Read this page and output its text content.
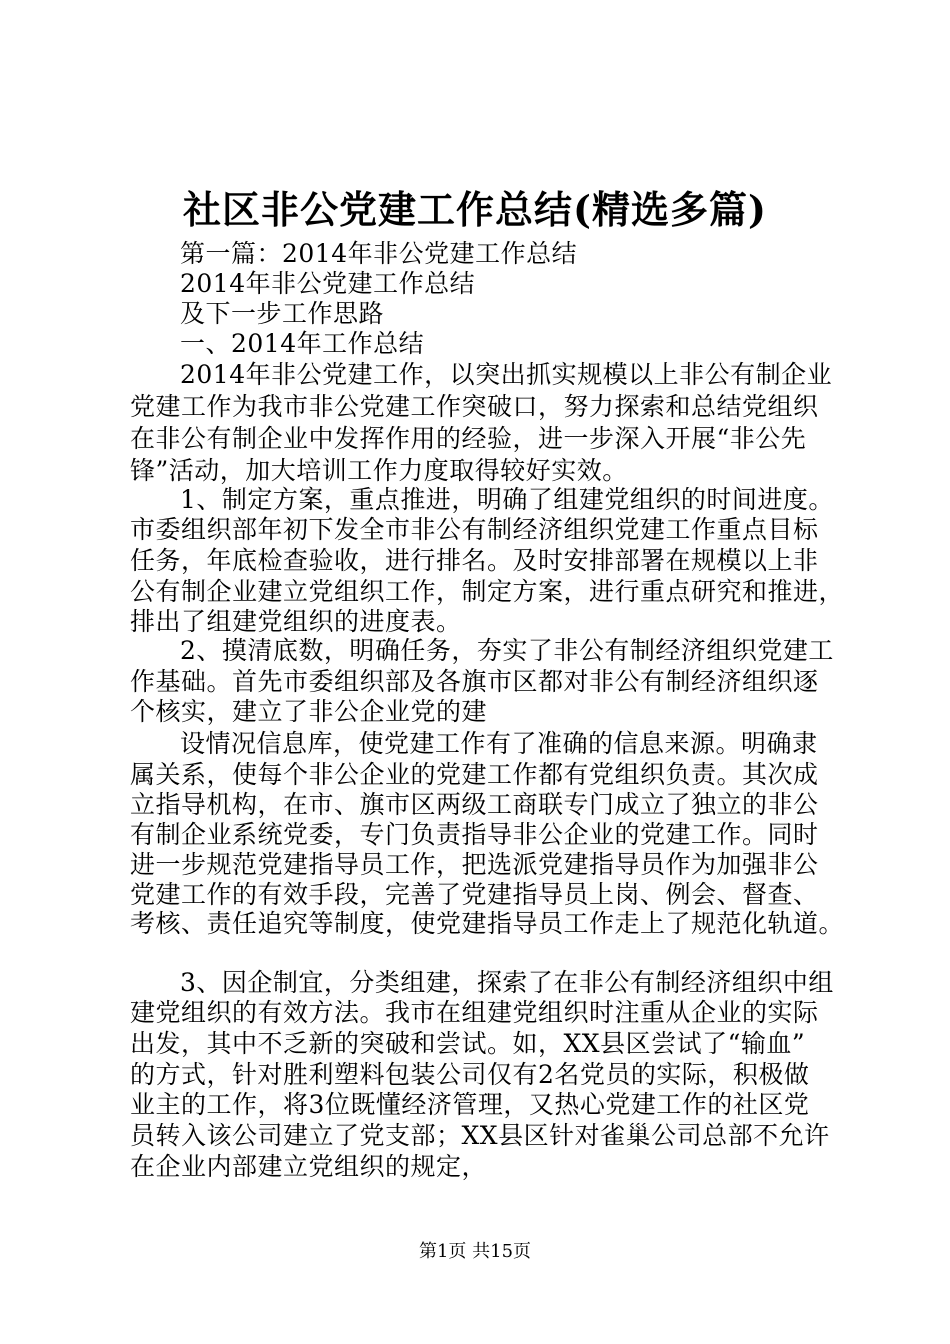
社区非公党建工作总结(精选多篇)
第一篇：2014年非公党建工作总结
2014年非公党建工作总结
及下一步工作思路
一、2014年工作总结
2014年非公党建工作，以突出抓实规模以上非公有制企业
党建工作为我市非公党建工作突破口，努力探索和总结党组织
在非公有制企业中发挥作用的经验，进一步深入开展“非公先
锋”活动，加大培训工作力度取得较好实效。
1、制定方案，重点推进，明确了组建党组织的时间进度。
市委组织部年初下发全市非公有制经济组织党建工作重点目标
任务，年底检查验收，进行排名。及时安排部署在规模以上非
公有制企业建立党组织工作，制定方案，进行重点研究和推进，
排出了组建党组织的进度表。
2、摸清底数，明确任务，夯实了非公有制经济组织党建工
作基础。首先市委组织部及各旗市区都对非公有制经济组织逐
个核实，建立了非公企业党的建
设情况信息库，使党建工作有了准确的信息来源。明确隶
属关系，使每个非公企业的党建工作都有党组织负责。其次成
立指导机构，在市、旗市区两级工商联专门成立了独立的非公
有制企业系统党委，专门负责指导非公企业的党建工作。同时
进一步规范党建指导员工作，把选派党建指导员作为加强非公
党建工作的有效手段，完善了党建指导员上岗、例会、督查、
考核、责任追究等制度，使党建指导员工作走上了规范化轨道。
3、因企制宜，分类组建，探索了在非公有制经济组织中组
建党组织的有效方法。我市在组建党组织时注重从企业的实际
出发，其中不乏新的突破和尝试。如，XX县区尝试了“输血”
的方式，针对胜利塑料包装公司仅有2名党员的实际，积极做
业主的工作，将3位既懂经济管理，又热心党建工作的社区党
员转入该公司建立了党支部；XX县区针对雀巢公司总部不允许
在企业内部建立党组织的规定，
第1页 共15页
